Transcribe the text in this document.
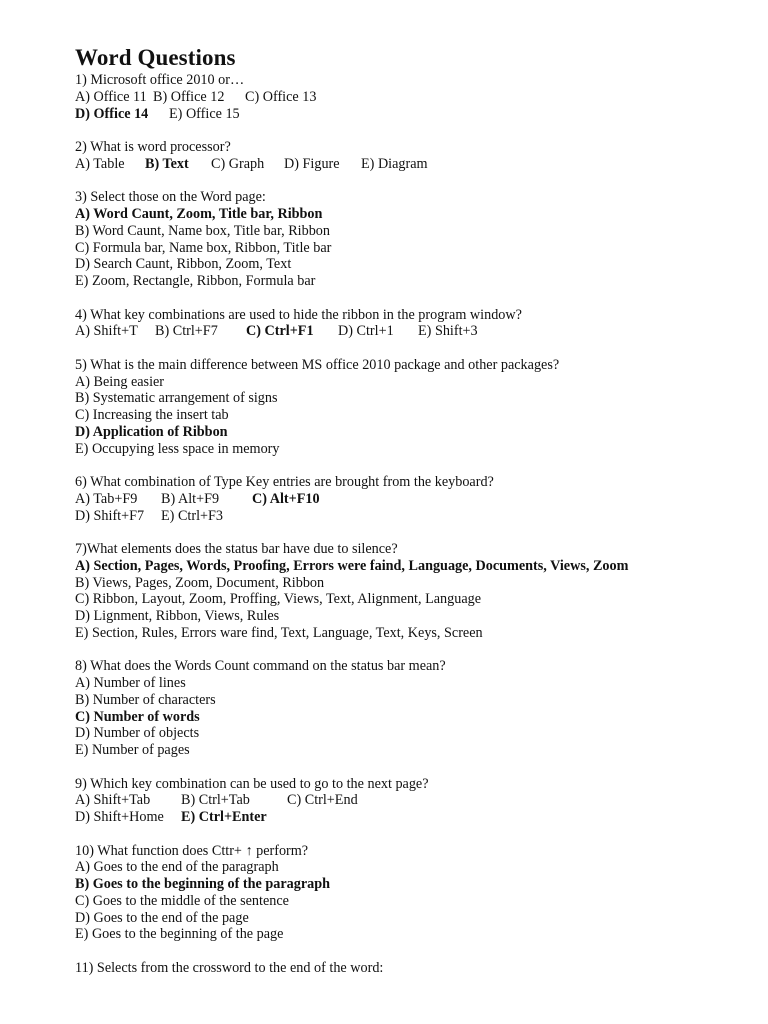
Word Questions
1) Microsoft office 2010 or…
A) Office 11 B) Office 12 C) Office 13
D) Office 14 E) Office 15
2) What is word processor?
A) Table B) Text C) Graph D) Figure E) Diagram
3) Select those on the Word page:
A) Word Caunt, Zoom, Title bar, Ribbon
B) Word Caunt, Name box, Title bar, Ribbon
C) Formula bar, Name box, Ribbon, Title bar
D) Search Caunt, Ribbon, Zoom, Text
E) Zoom, Rectangle, Ribbon, Formula bar
4) What key combinations are used to hide the ribbon in the program window?
A) Shift+T B) Ctrl+F7 C) Ctrl+F1 D) Ctrl+1 E) Shift+3
5) What is the main difference between MS office 2010 package and other packages?
A) Being easier
B) Systematic arrangement of signs
C) Increasing the insert tab
D) Application of Ribbon
E) Occupying less space in memory
6) What combination of Type Key entries are brought from the keyboard?
A) Tab+F9 B) Alt+F9 C) Alt+F10
D) Shift+F7 E) Ctrl+F3
7)What elements does the status bar have due to silence?
A) Section, Pages, Words, Proofing, Errors were faind, Language, Documents, Views, Zoom
B) Views, Pages, Zoom, Document, Ribbon
C) Ribbon, Layout, Zoom, Proffing, Views, Text, Alignment, Language
D) Lignment, Ribbon, Views, Rules
E) Section, Rules, Errors ware find, Text, Language, Text, Keys, Screen
8) What does the Words Count command on the status bar mean?
A) Number of lines
B) Number of characters
C) Number of words
D) Number of objects
E) Number of pages
9) Which key combination can be used to go to the next page?
A) Shift+Tab B) Ctrl+Tab	C) Ctrl+End
D) Shift+Home E) Ctrl+Enter
10) What function does Cttr+ ↑ perform?
A) Goes to the end of the paragraph
B) Goes to the beginning of the paragraph
C) Goes to the middle of the sentence
D) Goes to the end of the page
E) Goes to the beginning of the page
11) Selects from the crossword to the end of the word:
